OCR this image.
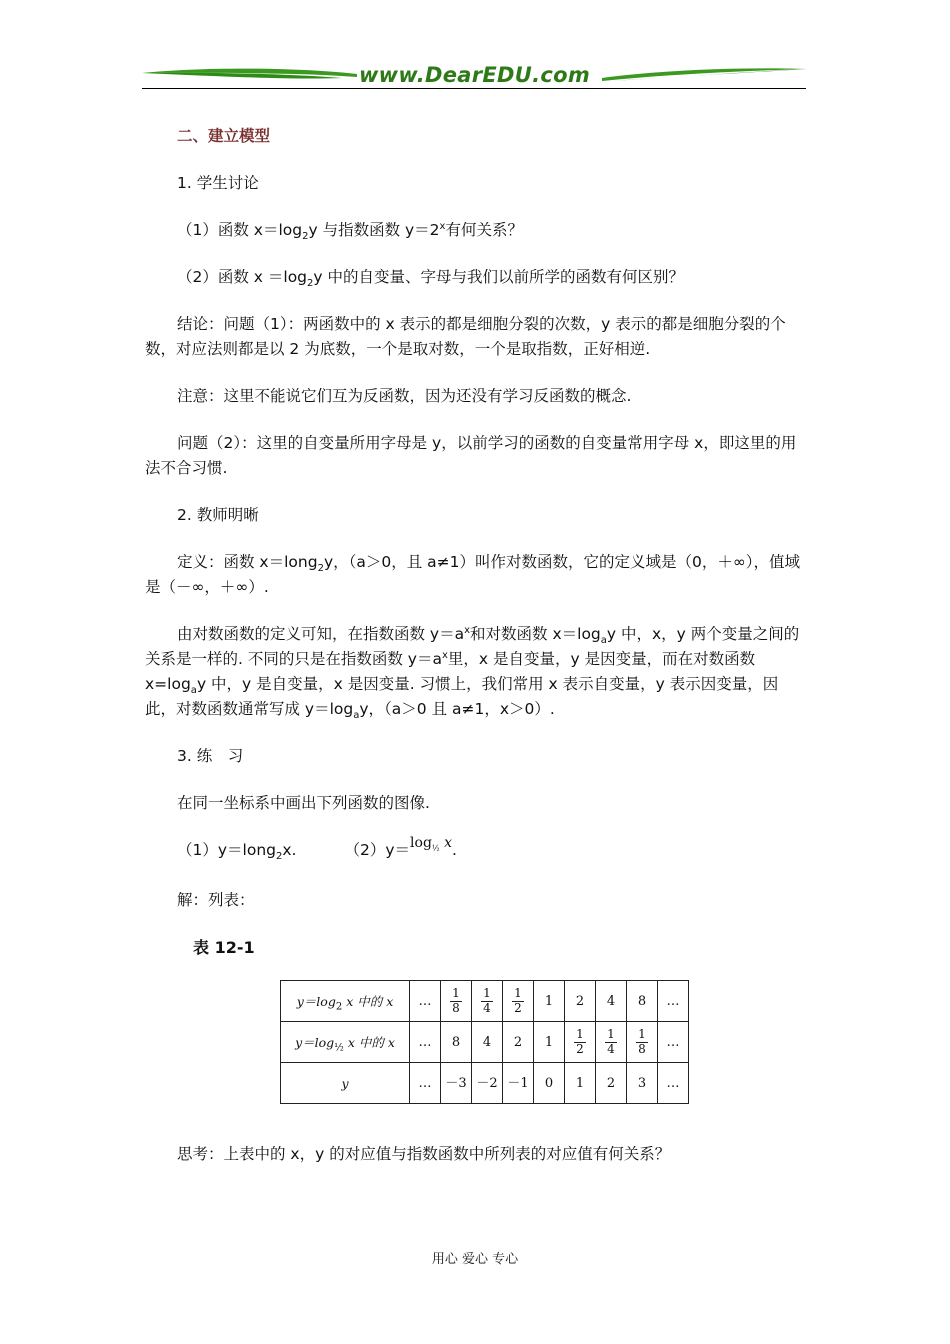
www.DearEDU.com

二、建立模型

1. 学生讨论

（1）函数 $x=\log_2y$ 与指数函数 $y=2^x$有何关系？

（2）函数 $x =\log_2y$ 中的自变量、字母与我们以前所学的函数有何区别？

结论：问题（1）：两函数中的 x 表示的都是细胞分裂的次数，y 表示的都是细胞分裂的个数，对应法则都是以 2 为底数，一个是取对数，一个是取指数，正好相逆.

注意：这里不能说它们互为反函数，因为还没有学习反函数的概念.

问题（2）：这里的自变量所用字母是 y，以前学习的函数的自变量常用字母 x，即这里的用法不合习惯.

2. 教师明晰

定义：函数 x＝long$_2$y，（a＞0，且 a≠1）叫作对数函数，它的定义域是（0，＋∞），值域是（－∞，＋∞）.

由对数函数的定义可知，在指数函数 $y=a^x$和对数函数 $x=\log_ay$ 中，x，y 两个变量之间的关系是一样的. 不同的只是在指数函数 $y=a^x$里，x 是自变量，y 是因变量，而在对数函数 $x=\log_ay$ 中，y 是自变量，x 是因变量. 习惯上，我们常用 x 表示自变量，y 表示因变量，因此，对数函数通常写成 $y=\log_ay$，（a＞0 且 a≠1，x＞0）.

3. 练　习

在同一坐标系中画出下列函数的图像.

（1）y＝long$_2$x.	$(2)y=\log_{\frac{1}{2}}$ x.

解：列表：

表 12-1

$y=\log_2$ x 中的 x	…	$\frac{1}{8}$	$\frac{1}{4}$	$\frac{1}{2}$	1	2	4	8	…
$y=\log_{\frac{1}{2}}$ x 中的 x	…	8	4	2	1	$\frac{1}{2}$	$\frac{1}{4}$	$\frac{1}{8}$	…
y	…	－3	－2	－1	0	1	2	3	…

思考：上表中的 x，y 的对应值与指数函数中所列表的对应值有何关系？

用心 爱心 专心
